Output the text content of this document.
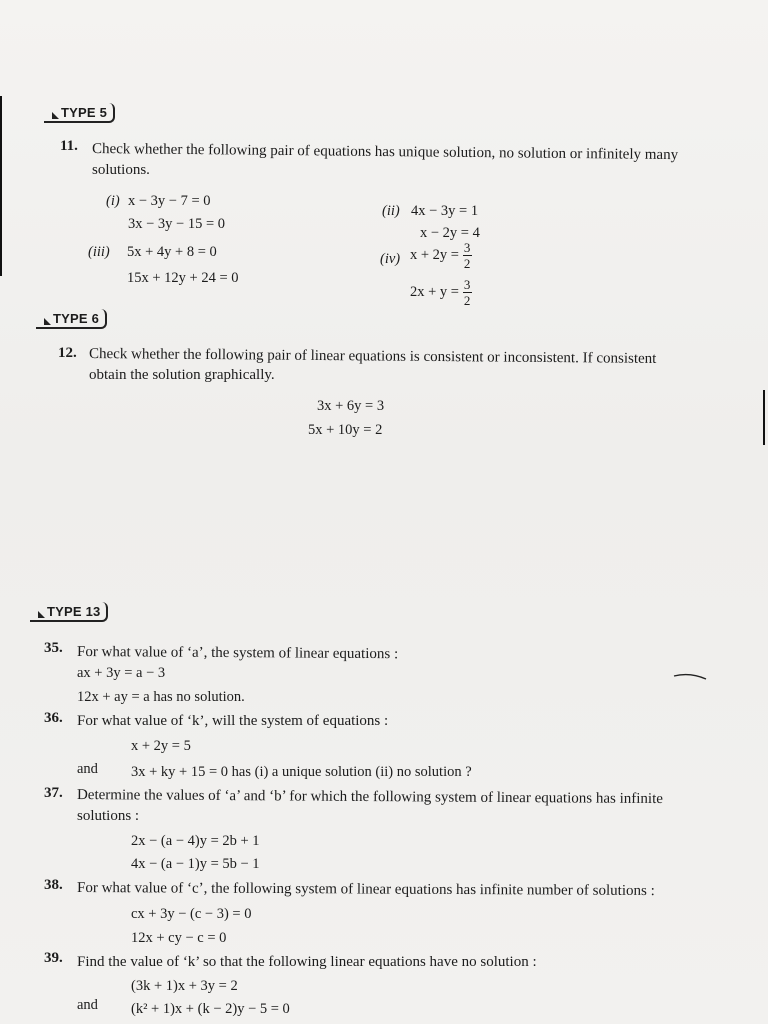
TYPE 5
11. Check whether the following pair of equations has unique solution, no solution or infinitely many
solutions.
(i) x − 3y − 7 = 0
3x − 3y − 15 = 0
(ii) 4x − 3y = 1
x − 2y = 4
(iii) 5x + 4y + 8 = 0
15x + 12y + 24 = 0
(iv) $x + 2y = \frac{3}{2}$
$2x + y = \frac{3}{2}$
TYPE 6
12. Check whether the following pair of linear equations is consistent or inconsistent. If consistent
obtain the solution graphically.
3x + 6y = 3
5x + 10y = 2
TYPE 13
35. For what value of ‘a’, the system of linear equations :
ax + 3y = a − 3
12x + ay = a has no solution.
36. For what value of ‘k’, will the system of equations :
x + 2y = 5
and 3x + ky + 15 = 0 has (i) a unique solution (ii) no solution ?
37. Determine the values of ‘a’ and ‘b’ for which the following system of linear equations has infinite
solutions :
2x − (a − 4)y = 2b + 1
4x − (a − 1)y = 5b − 1
38. For what value of ‘c’, the following system of linear equations has infinite number of solutions :
cx + 3y − (c − 3) = 0
12x + cy − c = 0
39. Find the value of ‘k’ so that the following linear equations have no solution :
(3k + 1)x + 3y = 2
and (k² + 1)x + (k − 2)y − 5 = 0
